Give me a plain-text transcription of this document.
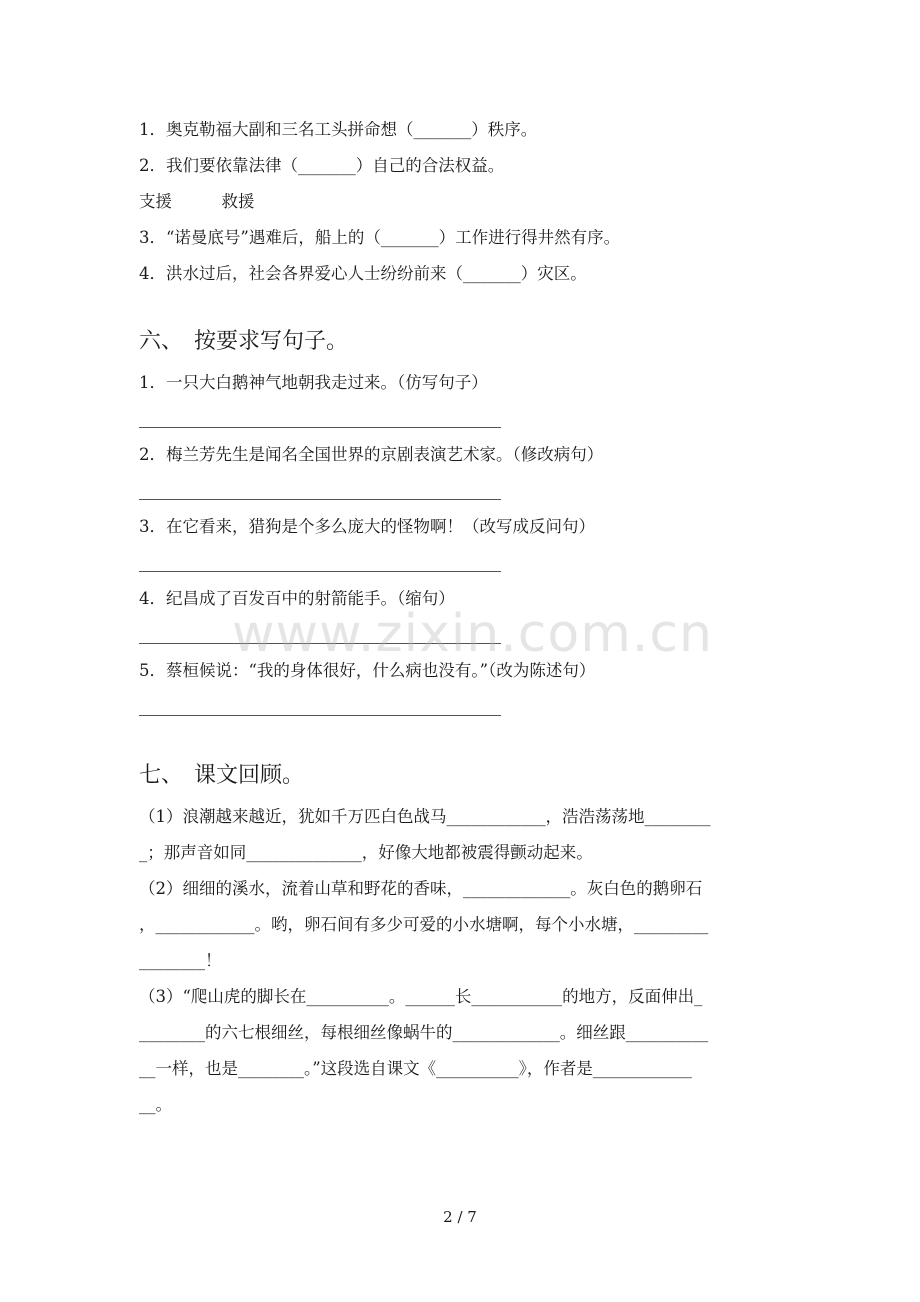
1．奥克勒福大副和三名工头拼命想（_______）秩序。
2．我们要依靠法律（_______）自己的合法权益。
支援　　　救援
3．“诺曼底号”遇难后，船上的（_______）工作进行得井然有序。
4．洪水过后，社会各界爱心人士纷纷前来（_______）灾区。
六、　按要求写句子。
1．一只大白鹅神气地朝我走过来。（仿写句子）
2．梅兰芳先生是闻名全国世界的京剧表演艺术家。（修改病句）
3．在它看来，猎狗是个多么庞大的怪物啊！（改写成反问句）
4．纪昌成了百发百中的射箭能手。（缩句）
5．蔡桓候说：“我的身体很好，什么病也没有。”（改为陈述句）
七、　课文回顾。
（1）浪潮越来越近，犹如千万匹白色战马____________，浩浩荡荡地________
_；那声音如同______________，好像大地都被震得颤动起来。
（2）细细的溪水，流着山草和野花的香味，_____________。灰白色的鹅卵石
，____________。哟，卵石间有多少可爱的小水塘啊，每个小水塘，_________
________！
（3）“爬山虎的脚长在__________。______长___________的地方，反面伸出_
________的六七根细丝，每根细丝像蜗牛的_____________。细丝跟__________
__一样，也是________。”这段选自课文《__________》，作者是____________
__。
www.zixin.com.cn
2 / 7
